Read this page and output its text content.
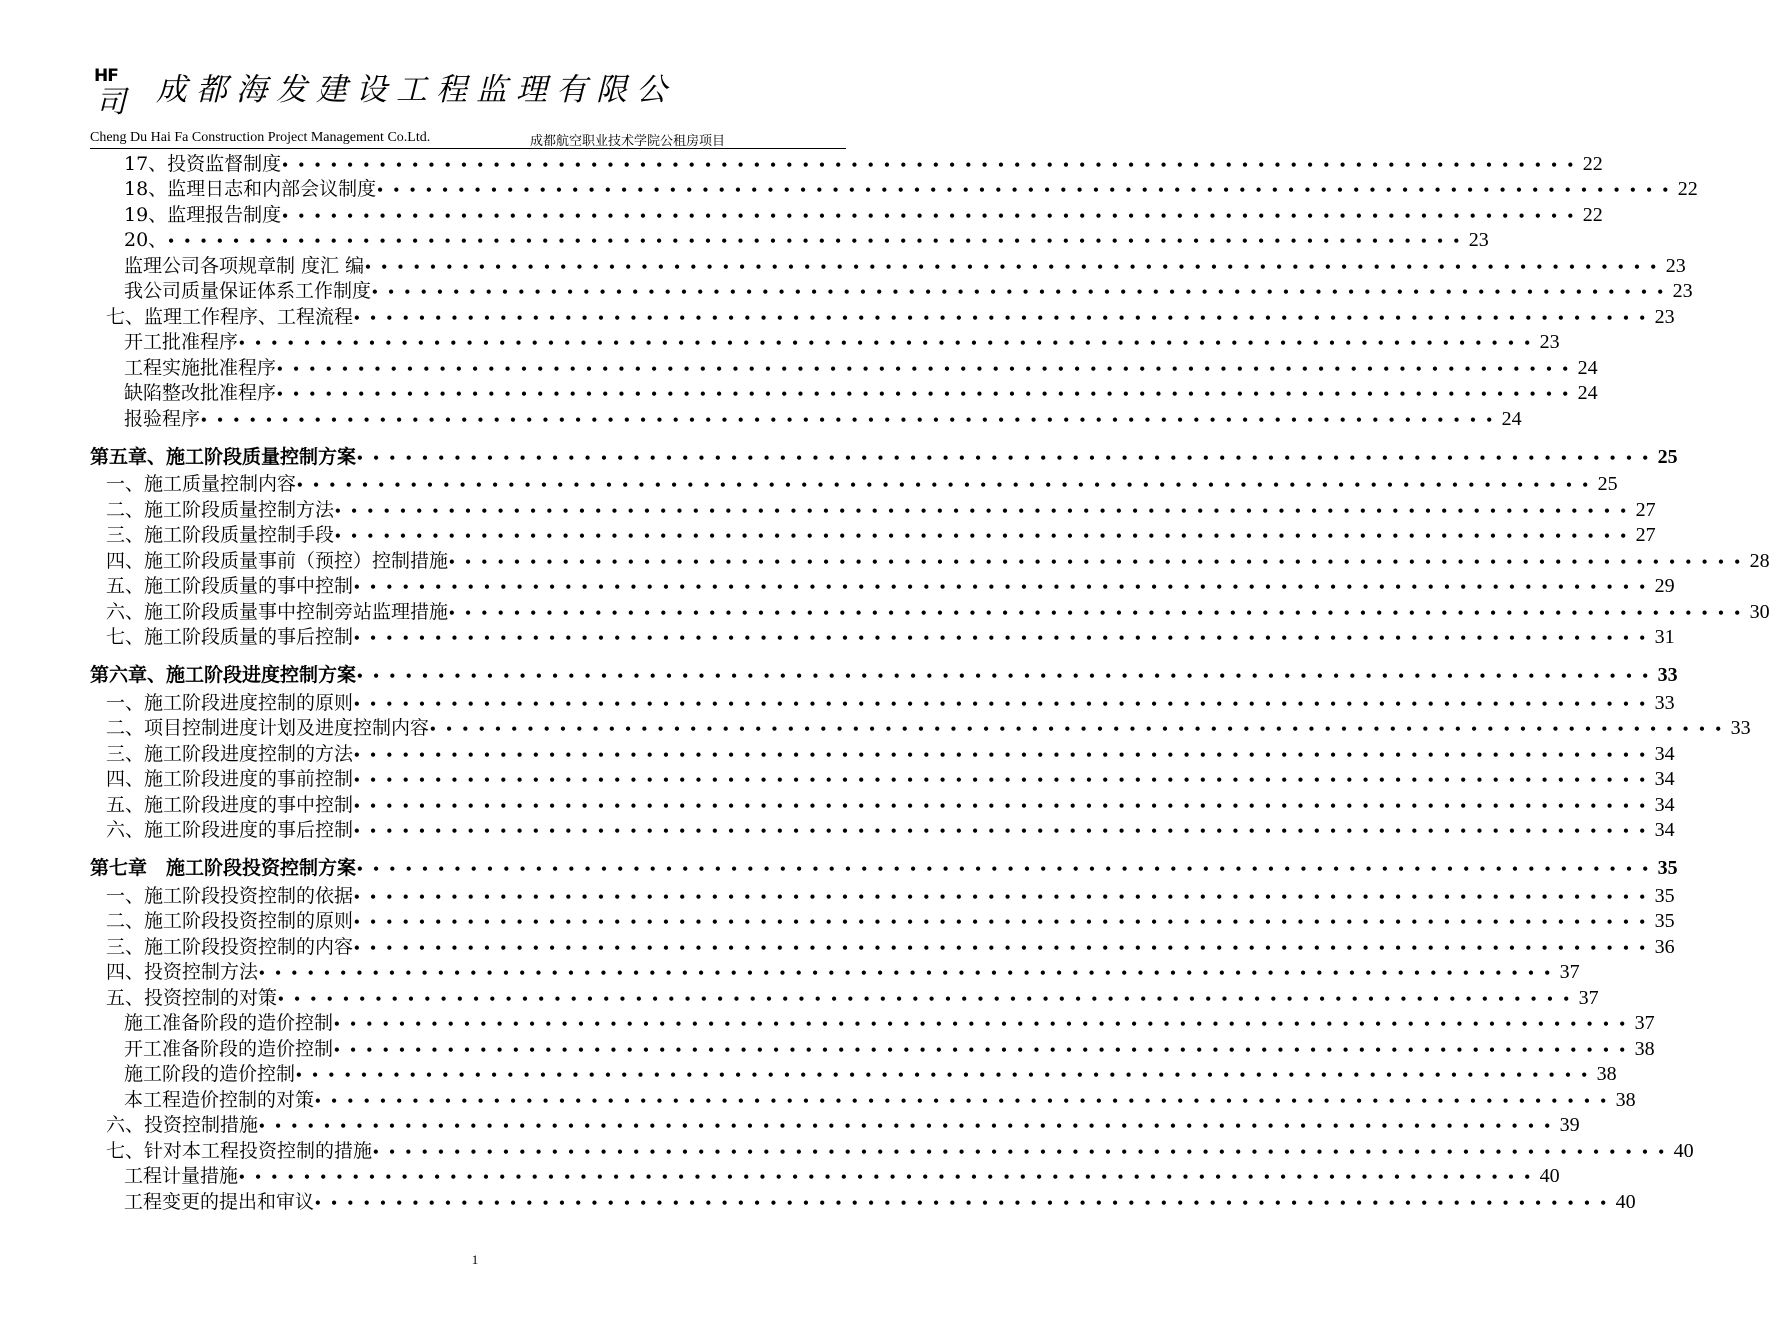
HF
司 成都海发建设工程监理有限公
Cheng Du Hai Fa Construction Project Management Co.Ltd.	成都航空职业技术学院公租房项目
17、投资监督制度 •••••••••••••••••••••••••••••••••••••••••••••••••••••••••••••••••••••••••••••••• 22
18、监理日志和内部会议制度 •••••••••••••••••••••••••••••••••••••••••••••••••••••••••••••••••••••••••••••••• 22
19、监理报告制度 •••••••••••••••••••••••••••••••••••••••••••••••••••••••••••••••••••••••••••••••• 22
20、 •••••••••••••••••••••••••••••••••••••••••••••••••••••••••••••••••••••••••••••••• 23
监理公司各项规章制 度汇 编 •••••••••••••••••••••••••••••••••••••••••••••••••••••••••••••••••••••••••••••••• 23
我公司质量保证体系工作制度 •••••••••••••••••••••••••••••••••••••••••••••••••••••••••••••••••••••••••••••••• 23
七、监理工作程序、工程流程 •••••••••••••••••••••••••••••••••••••••••••••••••••••••••••••••••••••••••••••••• 23
开工批准程序 •••••••••••••••••••••••••••••••••••••••••••••••••••••••••••••••••••••••••••••••• 23
工程实施批准程序 •••••••••••••••••••••••••••••••••••••••••••••••••••••••••••••••••••••••••••••••• 24
缺陷整改批准程序 •••••••••••••••••••••••••••••••••••••••••••••••••••••••••••••••••••••••••••••••• 24
报验程序 •••••••••••••••••••••••••••••••••••••••••••••••••••••••••••••••••••••••••••••••• 24
第五章、施工阶段质量控制方案 •••••••••••••••••••••••••••••••••••••••••••••••••••••••••••••••••••••••••••••••• 25
一、施工质量控制内容 •••••••••••••••••••••••••••••••••••••••••••••••••••••••••••••••••••••••••••••••• 25
二、施工阶段质量控制方法 •••••••••••••••••••••••••••••••••••••••••••••••••••••••••••••••••••••••••••••••• 27
三、施工阶段质量控制手段 •••••••••••••••••••••••••••••••••••••••••••••••••••••••••••••••••••••••••••••••• 27
四、施工阶段质量事前（预控）控制措施 •••••••••••••••••••••••••••••••••••••••••••••••••••••••••••••••••••••••••••••••• 28
五、施工阶段质量的事中控制 •••••••••••••••••••••••••••••••••••••••••••••••••••••••••••••••••••••••••••••••• 29
六、施工阶段质量事中控制旁站监理措施 •••••••••••••••••••••••••••••••••••••••••••••••••••••••••••••••••••••••••••••••• 30
七、施工阶段质量的事后控制 •••••••••••••••••••••••••••••••••••••••••••••••••••••••••••••••••••••••••••••••• 31
第六章、施工阶段进度控制方案 •••••••••••••••••••••••••••••••••••••••••••••••••••••••••••••••••••••••••••••••• 33
一、施工阶段进度控制的原则 •••••••••••••••••••••••••••••••••••••••••••••••••••••••••••••••••••••••••••••••• 33
二、项目控制进度计划及进度控制内容 •••••••••••••••••••••••••••••••••••••••••••••••••••••••••••••••••••••••••••••••• 33
三、施工阶段进度控制的方法 •••••••••••••••••••••••••••••••••••••••••••••••••••••••••••••••••••••••••••••••• 34
四、施工阶段进度的事前控制 •••••••••••••••••••••••••••••••••••••••••••••••••••••••••••••••••••••••••••••••• 34
五、施工阶段进度的事中控制 •••••••••••••••••••••••••••••••••••••••••••••••••••••••••••••••••••••••••••••••• 34
六、施工阶段进度的事后控制 •••••••••••••••••••••••••••••••••••••••••••••••••••••••••••••••••••••••••••••••• 34
第七章　施工阶段投资控制方案 •••••••••••••••••••••••••••••••••••••••••••••••••••••••••••••••••••••••••••••••• 35
一、施工阶段投资控制的依据 •••••••••••••••••••••••••••••••••••••••••••••••••••••••••••••••••••••••••••••••• 35
二、施工阶段投资控制的原则 •••••••••••••••••••••••••••••••••••••••••••••••••••••••••••••••••••••••••••••••• 35
三、施工阶段投资控制的内容 •••••••••••••••••••••••••••••••••••••••••••••••••••••••••••••••••••••••••••••••• 36
四、投资控制方法 •••••••••••••••••••••••••••••••••••••••••••••••••••••••••••••••••••••••••••••••• 37
五、投资控制的对策 •••••••••••••••••••••••••••••••••••••••••••••••••••••••••••••••••••••••••••••••• 37
施工准备阶段的造价控制 •••••••••••••••••••••••••••••••••••••••••••••••••••••••••••••••••••••••••••••••• 37
开工准备阶段的造价控制 •••••••••••••••••••••••••••••••••••••••••••••••••••••••••••••••••••••••••••••••• 38
施工阶段的造价控制 •••••••••••••••••••••••••••••••••••••••••••••••••••••••••••••••••••••••••••••••• 38
本工程造价控制的对策 •••••••••••••••••••••••••••••••••••••••••••••••••••••••••••••••••••••••••••••••• 38
六、投资控制措施 •••••••••••••••••••••••••••••••••••••••••••••••••••••••••••••••••••••••••••••••• 39
七、针对本工程投资控制的措施 •••••••••••••••••••••••••••••••••••••••••••••••••••••••••••••••••••••••••••••••• 40
工程计量措施 •••••••••••••••••••••••••••••••••••••••••••••••••••••••••••••••••••••••••••••••• 40
工程变更的提出和审议 •••••••••••••••••••••••••••••••••••••••••••••••••••••••••••••••••••••••••••••••• 40
1
